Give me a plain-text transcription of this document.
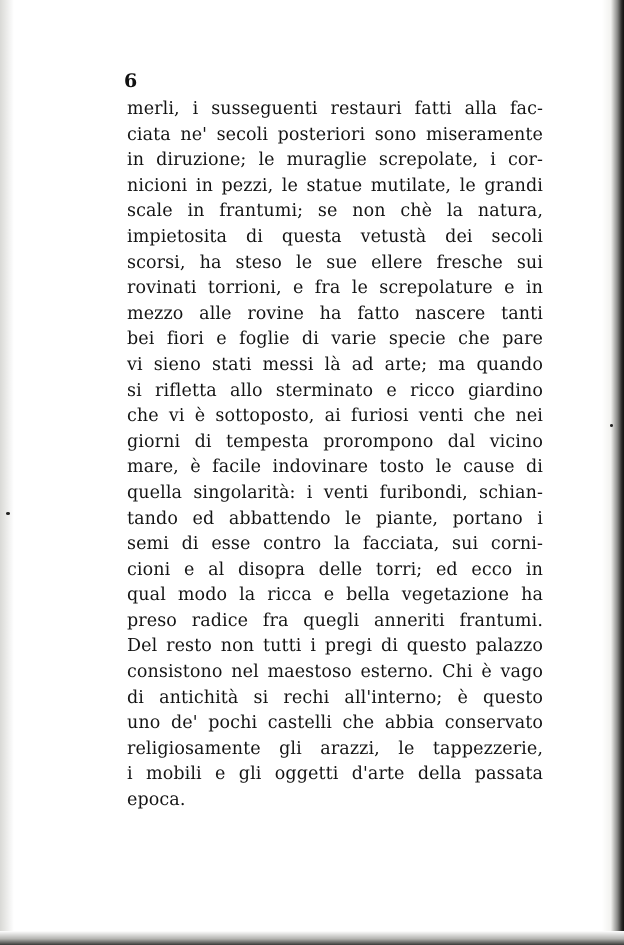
6
merli, i susseguenti restauri fatti alla fac-
ciata ne' secoli posteriori sono miseramente
in diruzione; le muraglie screpolate, i cor-
nicioni in pezzi, le statue mutilate, le grandi
scale in frantumi; se non chè la natura,
impietosita di questa vetustà dei secoli
scorsi, ha steso le sue ellere fresche sui
rovinati torrioni, e fra le screpolature e in
mezzo alle rovine ha fatto nascere tanti
bei fiori e foglie di varie specie che pare
vi sieno stati messi là ad arte; ma quando
si rifletta allo sterminato e ricco giardino
che vi è sottoposto, ai furiosi venti che nei
giorni di tempesta prorompono dal vicino
mare, è facile indovinare tosto le cause di
quella singolarità: i venti furibondi, schian-
tando ed abbattendo le piante, portano i
semi di esse contro la facciata, sui corni-
cioni e al disopra delle torri; ed ecco in
qual modo la ricca e bella vegetazione ha
preso radice fra quegli anneriti frantumi.
Del resto non tutti i pregi di questo palazzo
consistono nel maestoso esterno. Chi è vago
di antichità si rechi all'interno; è questo
uno de' pochi castelli che abbia conservato
religiosamente gli arazzi, le tappezzerie,
i mobili e gli oggetti d'arte della passata
epoca.
